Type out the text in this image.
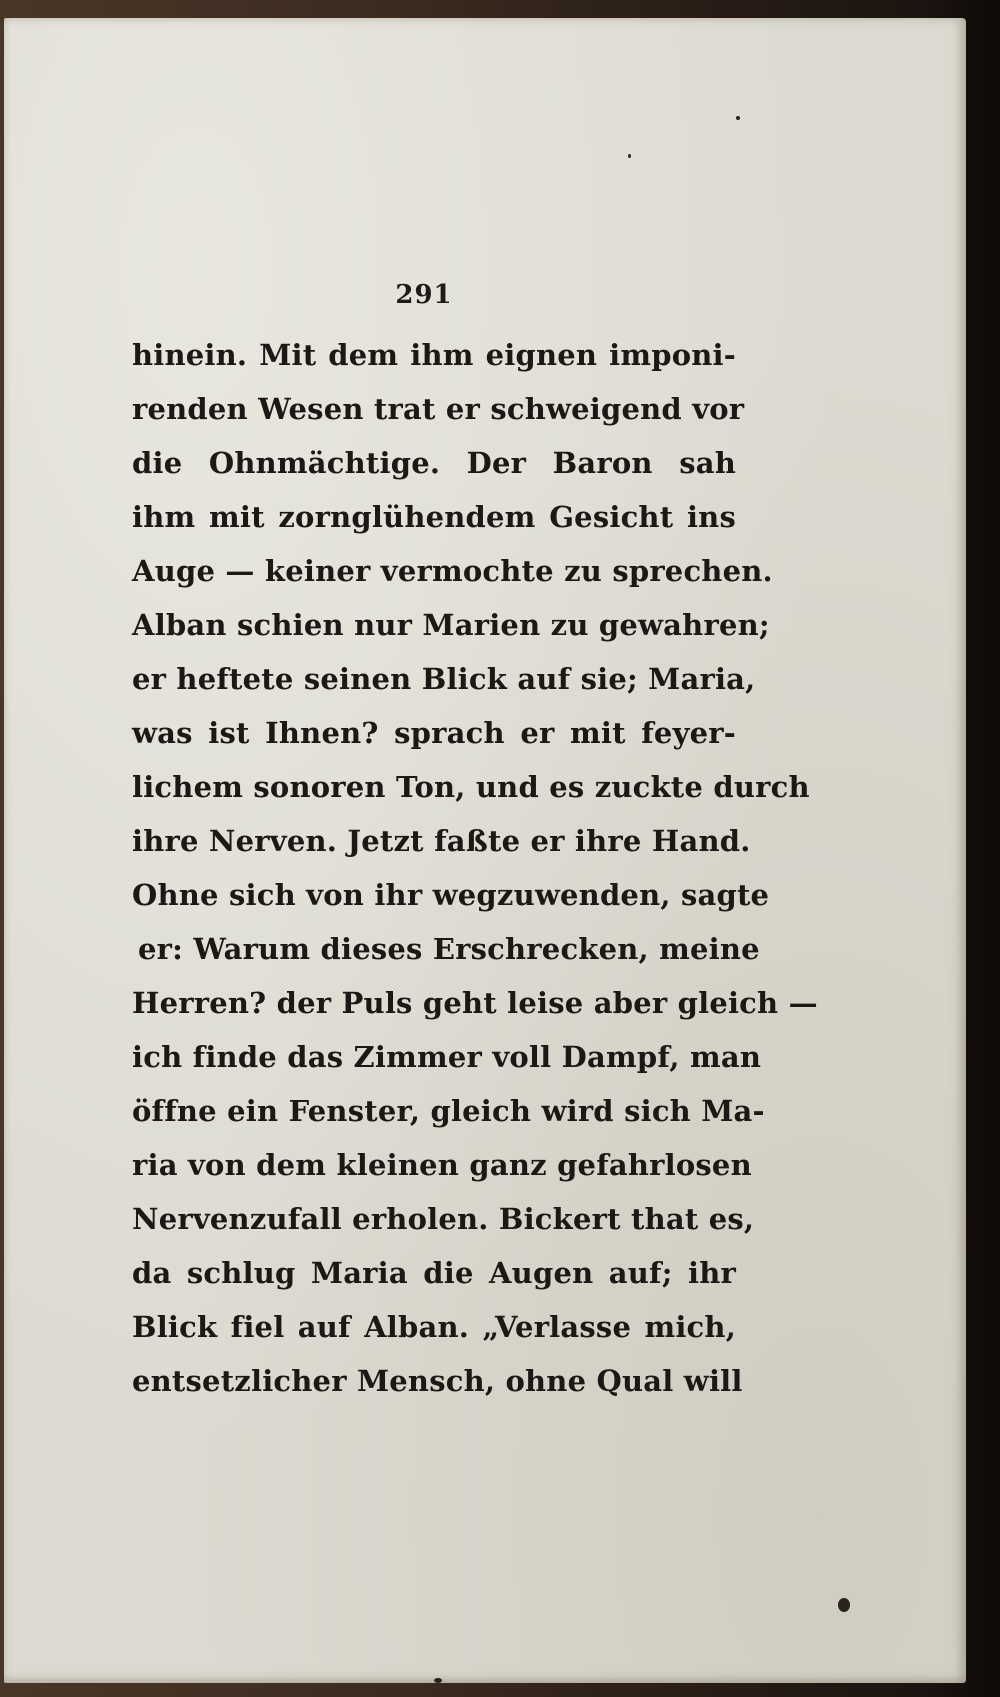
291
hinein. Mit dem ihm eignen imponi-
renden Wesen trat er schweigend vor
die Ohnmächtige. Der Baron sah
ihm mit zornglühendem Gesicht ins
Auge — keiner vermochte zu sprechen.
Alban schien nur Marien zu gewahren;
er heftete seinen Blick auf sie; Maria,
was ist Ihnen? sprach er mit feyer-
lichem sonoren Ton, und es zuckte durch
ihre Nerven. Jetzt faßte er ihre Hand.
Ohne sich von ihr wegzuwenden, sagte
er: Warum dieses Erschrecken, meine
Herren? der Puls geht leise aber gleich —
ich finde das Zimmer voll Dampf, man
öffne ein Fenster, gleich wird sich Ma-
ria von dem kleinen ganz gefahrlosen
Nervenzufall erholen. Bickert that es,
da schlug Maria die Augen auf; ihr
Blick fiel auf Alban. „Verlasse mich,
entsetzlicher Mensch, ohne Qual will
